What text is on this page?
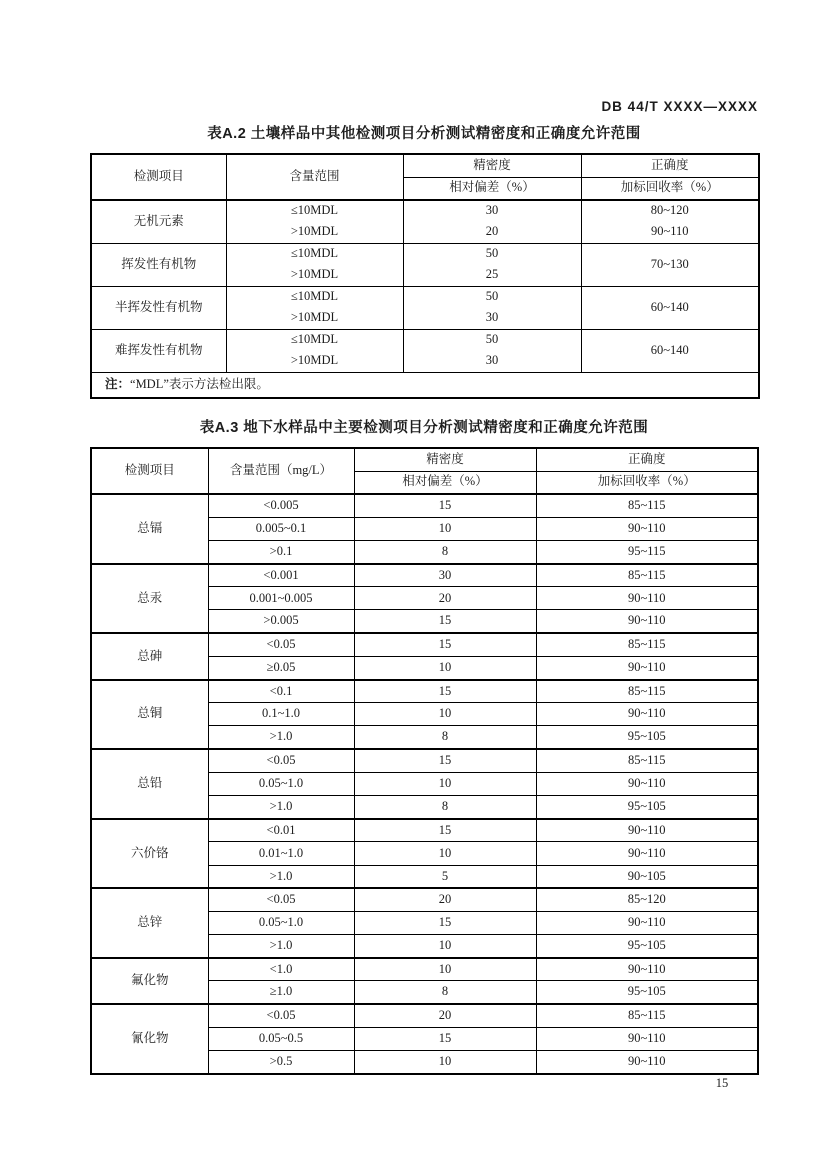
DB 44/T XXXX—XXXX
表A.2 土壤样品中其他检测项目分析测试精密度和正确度允许范围
检测项目	含量范围	精密度	正确度
		相对偏差（%）	加标回收率（%）
无机元素	≤10MDL	30	80~120
	>10MDL	20	90~110
挥发性有机物	≤10MDL	50	70~130
	>10MDL	25	
半挥发性有机物	≤10MDL	50	60~140
	>10MDL	30	
难挥发性有机物	≤10MDL	50	60~140
	>10MDL	30	
注：“MDL”表示方法检出限。			
表A.3 地下水样品中主要检测项目分析测试精密度和正确度允许范围
检测项目	含量范围（mg/L）	精密度	正确度
		相对偏差（%）	加标回收率（%）
总镉	<0.005	15	85~115
	0.005~0.1	10	90~110
	>0.1	8	95~115
总汞	<0.001	30	85~115
	0.001~0.005	20	90~110
	>0.005	15	90~110
总砷	<0.05	15	85~115
	≥0.05	10	90~110
总铜	<0.1	15	85~115
	0.1~1.0	10	90~110
	>1.0	8	95~105
总铅	<0.05	15	85~115
	0.05~1.0	10	90~110
	>1.0	8	95~105
六价铬	<0.01	15	90~110
	0.01~1.0	10	90~110
	>1.0	5	90~105
总锌	<0.05	20	85~120
	0.05~1.0	15	90~110
	>1.0	10	95~105
氟化物	<1.0	10	90~110
	≥1.0	8	95~105
氰化物	<0.05	20	85~115
	0.05~0.5	15	90~110
	>0.5	10	90~110
15
